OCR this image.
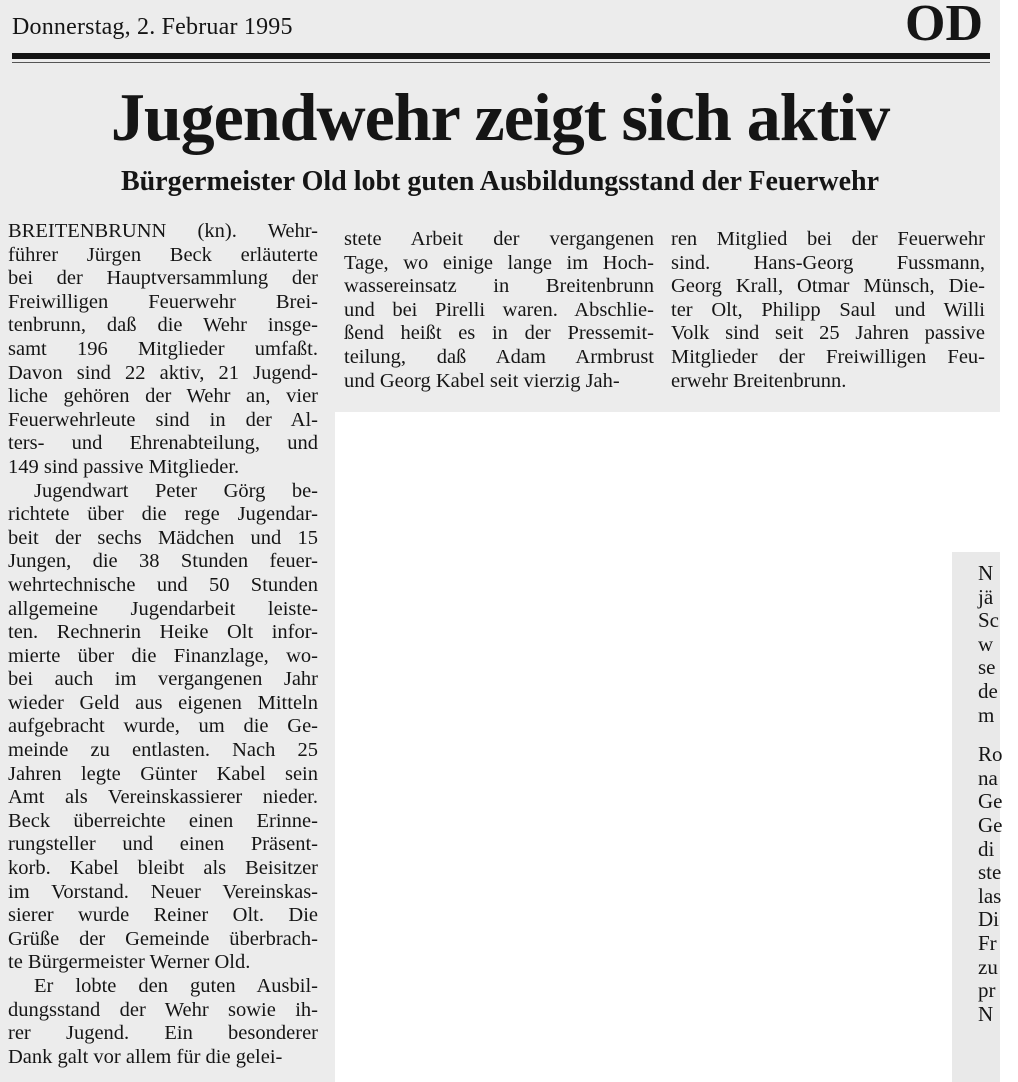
Donnerstag, 2. Februar 1995	OD
Jugendwehr zeigt sich aktiv
Bürgermeister Old lobt guten Ausbildungsstand der Feuerwehr
BREITENBRUNN (kn). Wehr-
führer Jürgen Beck erläuterte
bei der Hauptversammlung der
Freiwilligen Feuerwehr Brei-
tenbrunn, daß die Wehr insge-
samt 196 Mitglieder umfaßt.
Davon sind 22 aktiv, 21 Jugend-
liche gehören der Wehr an, vier
Feuerwehrleute sind in der Al-
ters- und Ehrenabteilung, und
149 sind passive Mitglieder.
Jugendwart Peter Görg be-
richtete über die rege Jugendar-
beit der sechs Mädchen und 15
Jungen, die 38 Stunden feuer-
wehrtechnische und 50 Stunden
allgemeine Jugendarbeit leiste-
ten. Rechnerin Heike Olt infor-
mierte über die Finanzlage, wo-
bei auch im vergangenen Jahr
wieder Geld aus eigenen Mitteln
aufgebracht wurde, um die Ge-
meinde zu entlasten. Nach 25
Jahren legte Günter Kabel sein
Amt als Vereinskassierer nieder.
Beck überreichte einen Erinne-
rungsteller und einen Präsent-
korb. Kabel bleibt als Beisitzer
im Vorstand. Neuer Vereinskas-
sierer wurde Reiner Olt. Die
Grüße der Gemeinde überbrach-
te Bürgermeister Werner Old.
Er lobte den guten Ausbil-
dungsstand der Wehr sowie ih-
rer Jugend. Ein besonderer
Dank galt vor allem für die gelei-
stete Arbeit der vergangenen
Tage, wo einige lange im Hoch-
wassereinsatz in Breitenbrunn
und bei Pirelli waren. Abschlie-
ßend heißt es in der Pressemit-
teilung, daß Adam Armbrust
und Georg Kabel seit vierzig Jah-
ren Mitglied bei der Feuerwehr
sind. Hans-Georg Fussmann,
Georg Krall, Otmar Münsch, Die-
ter Olt, Philipp Saul und Willi
Volk sind seit 25 Jahren passive
Mitglieder der Freiwilligen Feu-
erwehr Breitenbrunn.
N
jä
Sc
w
se
de
m
Ro
na
Ge
Ge
di
ste
las
Di
Fr
zu
pr
N
